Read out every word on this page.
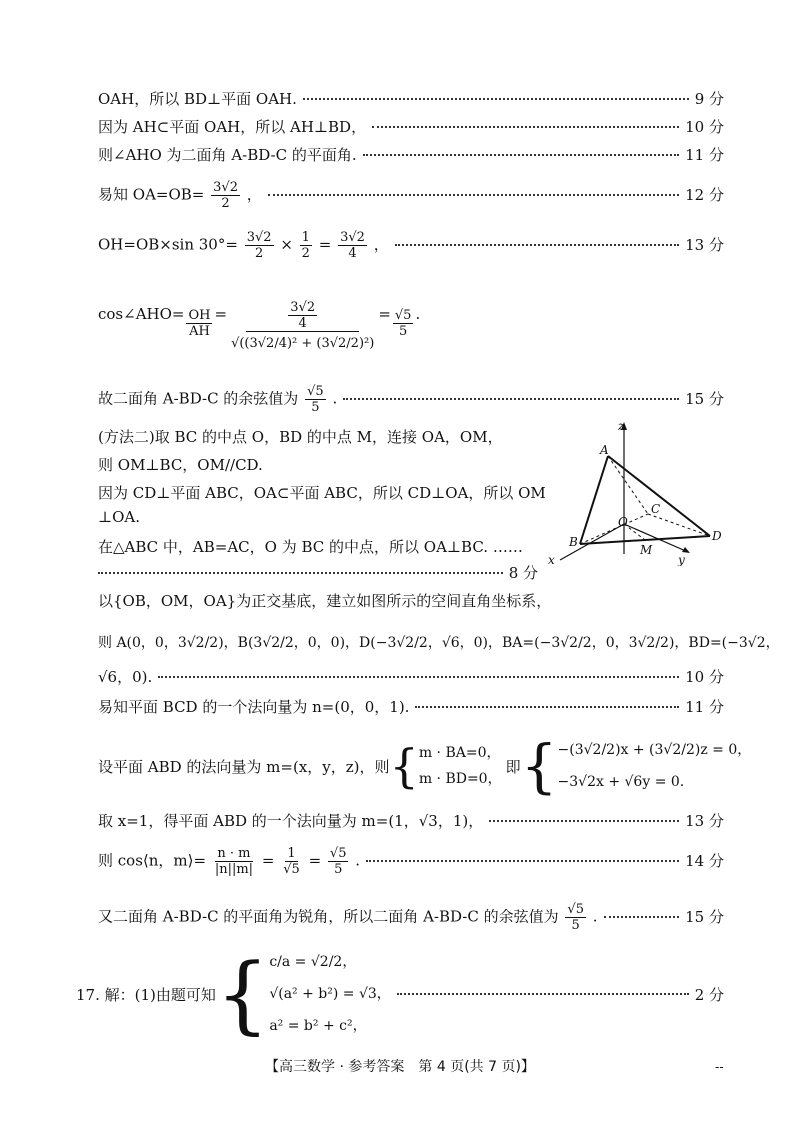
OAH，所以 BD⊥平面 OAH.	9 分
因为 AH⊂平面 OAH，所以 AH⊥BD，	10 分
则∠AHO 为二面角 A-BD-C 的平面角.	11 分
易知 $OA=OB= \frac{3√2}{2}$ ，	12 分
OH=OB×sin $30^\circ= \frac{3√2}{2} \times \frac{1}{2} = \frac{3√2}{4}$ ，	13 分
cos∠AHO= $\frac{OH}{AH} = \frac{\frac{3√2}{4}}{\text{√((3√2/4)² + (3√2/2)²)}} = \frac{√5}{5}$ .
故二面角 A-BD-C 的余弦值为 $\frac{√5}{5}$ .	15 分
(方法二)取 BC 的中点 O，BD 的中点 M，连接 OA，OM，
则 OM⊥BC，OM//CD.
因为 CD⊥平面 ABC，OA⊂平面 ABC，所以 CD⊥OA，所以 OM
⊥OA.
在△ABC 中，AB=AC，O 为 BC 的中点，所以 OA⊥BC. ……
8 分
z
A
C
O
B	D
M
x	y
以{OB，OM，OA}为正交基底，建立如图所示的空间直角坐标系，
则 A(0，0，3√2/2)，B(3√2/2，0，0)，D(−3√2/2，√6，0)，BA=(−3√2/2，0，3√2/2)，BD=(−3√2，
√6，0).	10 分
易知平面 BCD 的一个法向量为 n=(0，0，1).	11 分
设平面 ABD 的法向量为 m=(x，y，z)，则 { m · BA=0，
m · BD=0，
即 { −(3√2/2)x + (3√2/2)z = 0，
−3√2x + √6y = 0.
取 x=1，得平面 ABD 的一个法向量为 m=(1，√3，1)，	13 分
则 cos⟨n，m⟩= $\frac{n \cdot m}{|n||m|} = \frac{1}{√5} = \frac{√5}{5}$ .	14 分
又二面角 A-BD-C 的平面角为锐角，所以二面角 A-BD-C 的余弦值为 $\frac{√5}{5}$ .	15 分
17. 解：(1)由题可知 { c/a = √2/2，
√(a² + b²) = √3，
a² = b² + c²，
2 分
【高三数学 · 参考答案　第 4 页(共 7 页)】	--
